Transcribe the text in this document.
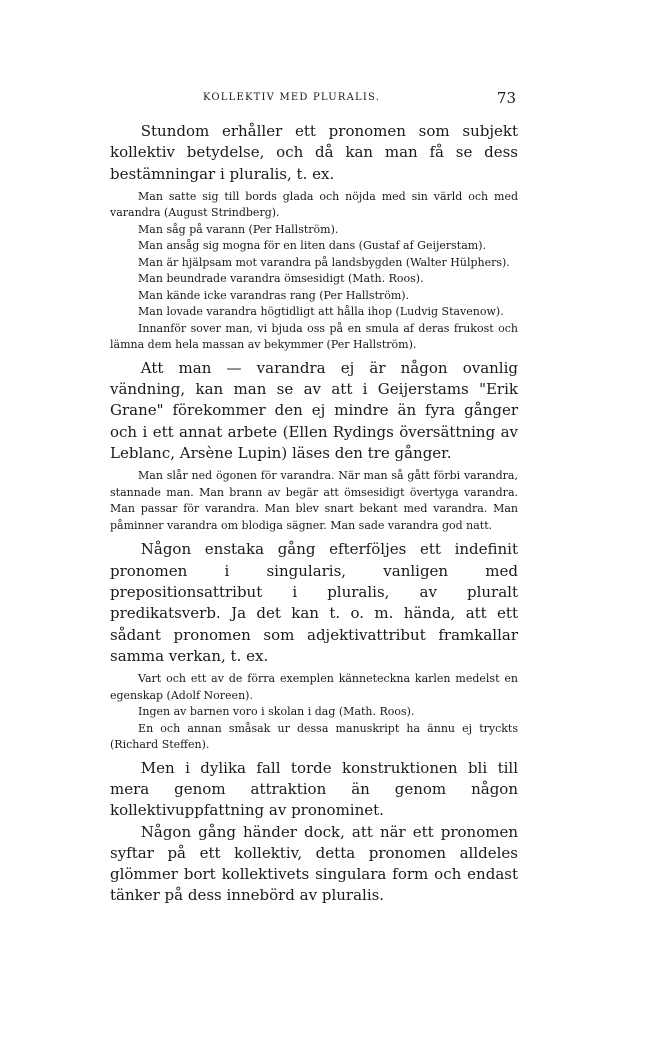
KOLLEKTIV MED PLURALIS.	73

Stundom erhåller ett pronomen som subjekt kollektiv betydelse, och då kan man få se dess bestämningar i pluralis, t. ex.

Man satte sig till bords glada och nöjda med sin värld och med varandra (August Strindberg).

Man såg på varann (Per Hallström).

Man ansåg sig mogna för en liten dans (Gustaf af Geijerstam).

Man är hjälpsam mot varandra på landsbygden (Walter Hülphers).

Man beundrade varandra ömsesidigt (Math. Roos).

Man kände icke varandras rang (Per Hallström).

Man lovade varandra högtidligt att hålla ihop (Ludvig Stavenow).

Innanför sover man, vi bjuda oss på en smula af deras frukost och lämna dem hela massan av bekymmer (Per Hallström).

Att man — varandra ej är någon ovanlig vändning, kan man se av att i Geijerstams "Erik Grane" förekommer den ej mindre än fyra gånger och i ett annat arbete (Ellen Rydings översättning av Leblanc, Arsène Lupin) läses den tre gånger.

Man slår ned ögonen för varandra. När man så gått förbi varandra, stannade man. Man brann av begär att ömsesidigt övertyga varandra. Man passar för varandra. Man blev snart bekant med varandra. Man påminner varandra om blodiga sägner. Man sade varandra god natt.

Någon enstaka gång efterföljes ett indefinit pronomen i singularis, vanligen med prepositionsattribut i pluralis, av pluralt predikatsverb. Ja det kan t. o. m. hända, att ett sådant pronomen som adjektivattribut framkallar samma verkan, t. ex.

Vart och ett av de förra exemplen känneteckna karlen medelst en egenskap (Adolf Noreen).

Ingen av barnen voro i skolan i dag (Math. Roos).

En och annan småsak ur dessa manuskript ha ännu ej tryckts (Richard Steffen).

Men i dylika fall torde konstruktionen bli till mera genom attraktion än genom någon kollektivuppfattning av pronominet.

Någon gång händer dock, att när ett pronomen syftar på ett kollektiv, detta pronomen alldeles glömmer bort kollektivets singulara form och endast tänker på dess innebörd av pluralis.
